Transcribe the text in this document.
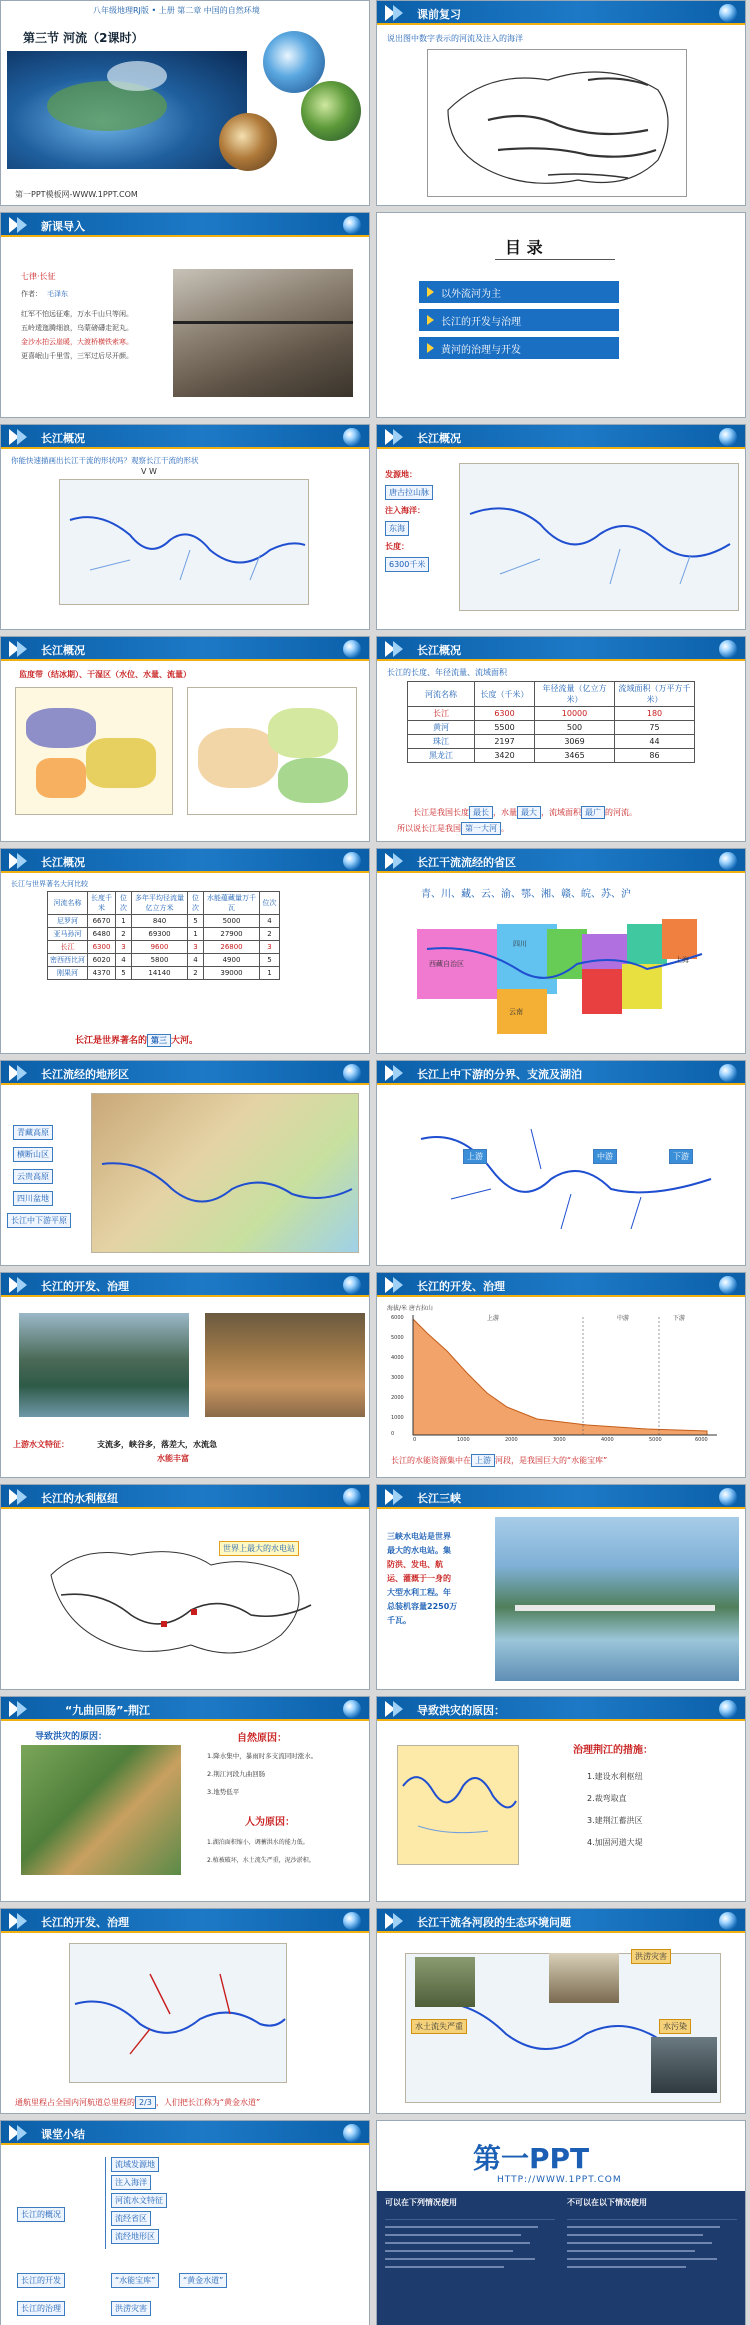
八年级地理RJ版 • 上册 第二章 中国的自然环境
第三节 河流（2课时）
第一PPT模板网-WWW.1PPT.COM
课前复习
说出图中数字表示的河流及注入的海洋
新课导入
七律·长征
作者： 毛泽东
红军不怕远征难，万水千山只等闲。
五岭逶迤腾细浪，乌蒙磅礴走泥丸。
金沙水拍云崖暖，大渡桥横铁索寒。
更喜岷山千里雪，三军过后尽开颜。
目 录
以外流河为主
长江的开发与治理
黄河的治理与开发
长江概况
你能快速描画出长江干流的形状吗？观察长江干流的形状
V W
长江概况
发源地：
唐古拉山脉
注入海洋：
东海
长度：
6300千米
长江概况
监度带（结冰期）、干湿区（水位、水量、流量）
长江概况
长江的长度、年径流量、流域面积
河流名称	长度（千米）	年径流量（亿立方米）	流域面积（万平方千米）
长江	6300	10000	180
黄河	5500	500	75
珠江	2197	3069	44
黑龙江	3420	3465	86
长江是我国长度 最长 ，水量 最大 ，流域面积 最广 的河流。
所以说长江是我国 第一大河 。
长江概况
长江与世界著名大河比较
河流名称	长度千米	位次	多年平均径流量亿立方米	位次	水能蕴藏量万千瓦	位次
尼罗河	6670	1	840	5	5000	4
亚马孙河	6480	2	69300	1	27900	2
长江	6300	3	9600	3	26800	3
密西西比河	6020	4	5800	4	4900	5
刚果河	4370	5	14140	2	39000	1
长江是世界著名的 第三 大河。
长江干流流经的省区
青、川、藏、云、渝、鄂、湘、赣、皖、苏、沪
西藏自治区
四川
云南
上海
长江流经的地形区
青藏高原
横断山区
云贵高原
四川盆地
长江中下游平原
长江上中下游的分界、支流及湖泊
上游	中游	下游
长江的开发、治理
上游水文特征：	支流多，峡谷多，落差大，水流急
水能丰富
长江的开发、治理
海拔/米 唐古拉山
上游	中游	下游
0	1000	2000	3000	4000	5000	6000
6000
5000
4000
3000
2000
1000
0
长江的水能资源集中在 上游 河段，是我国巨大的“水能宝库”
长江的水利枢纽
世界上最大的水电站
长江三峡
三峡水电站是世界
最大的水电站。集
防洪、发电、航
运、灌溉于一身的
大型水利工程。年
总装机容量2250万
千瓦。
“九曲回肠”-荆江
导致洪灾的原因：	自然原因：
1.降水集中，暴雨时多支流同时涨水。
2.荆江河段九曲回肠
3.地势低平
人为原因：
1.湖泊面积缩小，调蓄洪水的能力低。
2.植被破坏，水土流失严重，泥沙淤积。
导致洪灾的原因：
治理荆江的措施：
1.建设水利枢纽
2.裁弯取直
3.建荆江蓄洪区
4.加固河道大堤
长江的开发、治理
通航里程占全国内河航道总里程的 2/3 ，人们把长江称为“黄金水道”
长江干流各河段的生态环境问题
洪涝灾害
水土流失严重	水污染
课堂小结
长江的概况
流域发源地
注入海洋
河流水文特征
流经省区
流经地形区
长江的开发	“水能宝库”	“黄金水道”
长江的治理	洪涝灾害
第一PPT
HTTP://WWW.1PPT.COM
可以在下列情况使用	不可以在以下情况使用
